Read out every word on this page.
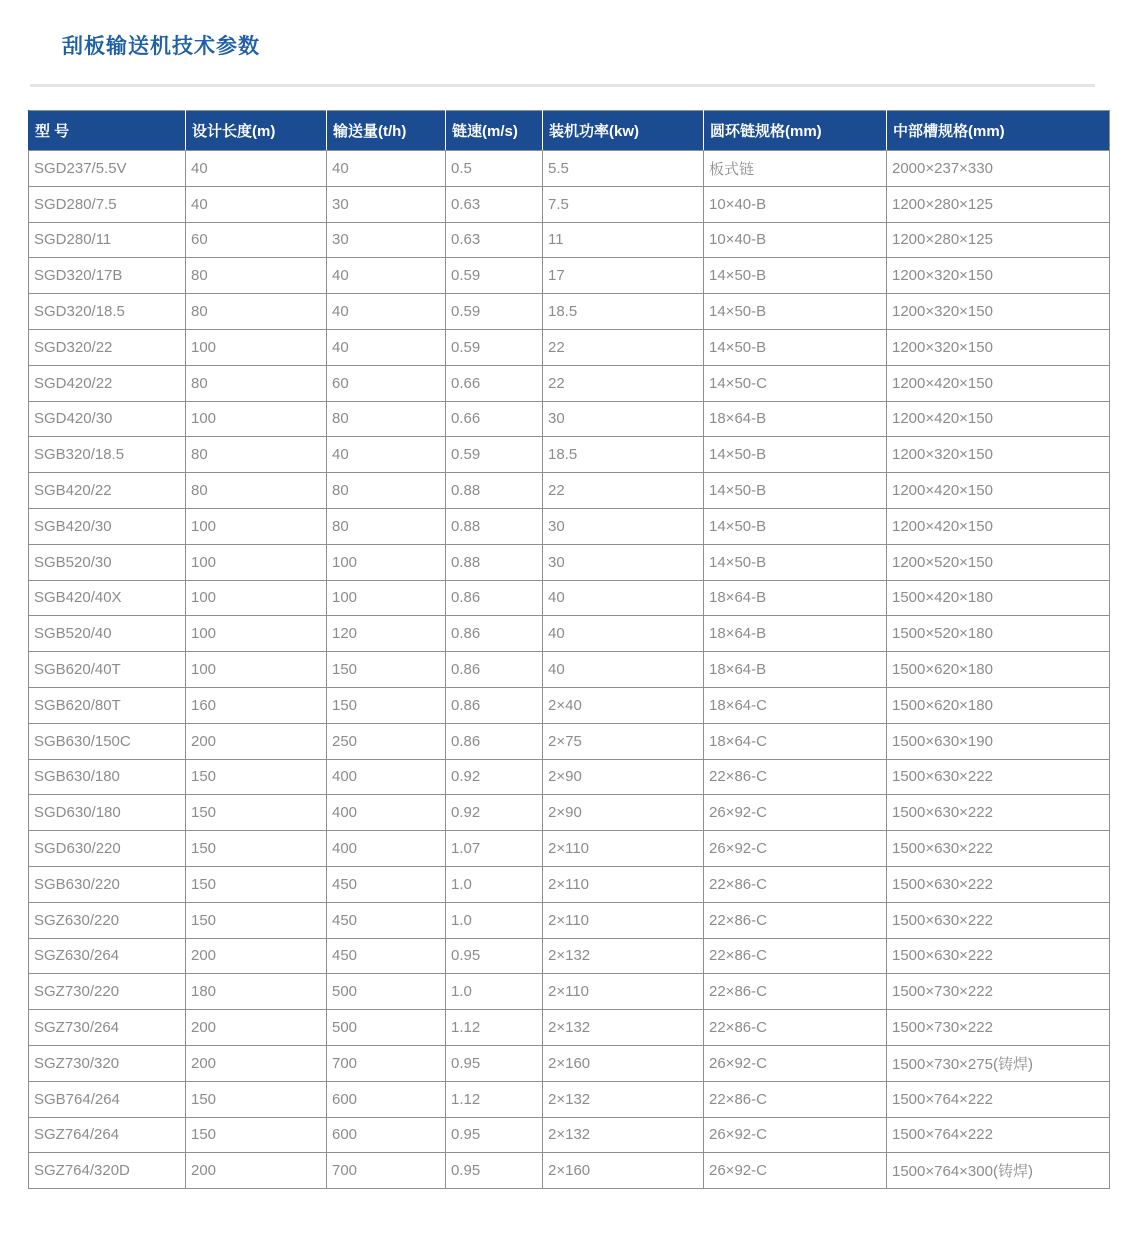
刮板输送机技术参数
型 号	设计长度(m)	输送量(t/h)	链速(m/s)	装机功率(kw)	圆环链规格(mm)	中部槽规格(mm)
SGD237/5.5V	40	40	0.5	5.5	板式链	2000×237×330
SGD280/7.5	40	30	0.63	7.5	10×40-B	1200×280×125
SGD280/11	60	30	0.63	11	10×40-B	1200×280×125
SGD320/17B	80	40	0.59	17	14×50-B	1200×320×150
SGD320/18.5	80	40	0.59	18.5	14×50-B	1200×320×150
SGD320/22	100	40	0.59	22	14×50-B	1200×320×150
SGD420/22	80	60	0.66	22	14×50-C	1200×420×150
SGD420/30	100	80	0.66	30	18×64-B	1200×420×150
SGB320/18.5	80	40	0.59	18.5	14×50-B	1200×320×150
SGB420/22	80	80	0.88	22	14×50-B	1200×420×150
SGB420/30	100	80	0.88	30	14×50-B	1200×420×150
SGB520/30	100	100	0.88	30	14×50-B	1200×520×150
SGB420/40X	100	100	0.86	40	18×64-B	1500×420×180
SGB520/40	100	120	0.86	40	18×64-B	1500×520×180
SGB620/40T	100	150	0.86	40	18×64-B	1500×620×180
SGB620/80T	160	150	0.86	2×40	18×64-C	1500×620×180
SGB630/150C	200	250	0.86	2×75	18×64-C	1500×630×190
SGB630/180	150	400	0.92	2×90	22×86-C	1500×630×222
SGD630/180	150	400	0.92	2×90	26×92-C	1500×630×222
SGD630/220	150	400	1.07	2×110	26×92-C	1500×630×222
SGB630/220	150	450	1.0	2×110	22×86-C	1500×630×222
SGZ630/220	150	450	1.0	2×110	22×86-C	1500×630×222
SGZ630/264	200	450	0.95	2×132	22×86-C	1500×630×222
SGZ730/220	180	500	1.0	2×110	22×86-C	1500×730×222
SGZ730/264	200	500	1.12	2×132	22×86-C	1500×730×222
SGZ730/320	200	700	0.95	2×160	26×92-C	1500×730×275(铸焊)
SGB764/264	150	600	1.12	2×132	22×86-C	1500×764×222
SGZ764/264	150	600	0.95	2×132	26×92-C	1500×764×222
SGZ764/320D	200	700	0.95	2×160	26×92-C	1500×764×300(铸焊)
